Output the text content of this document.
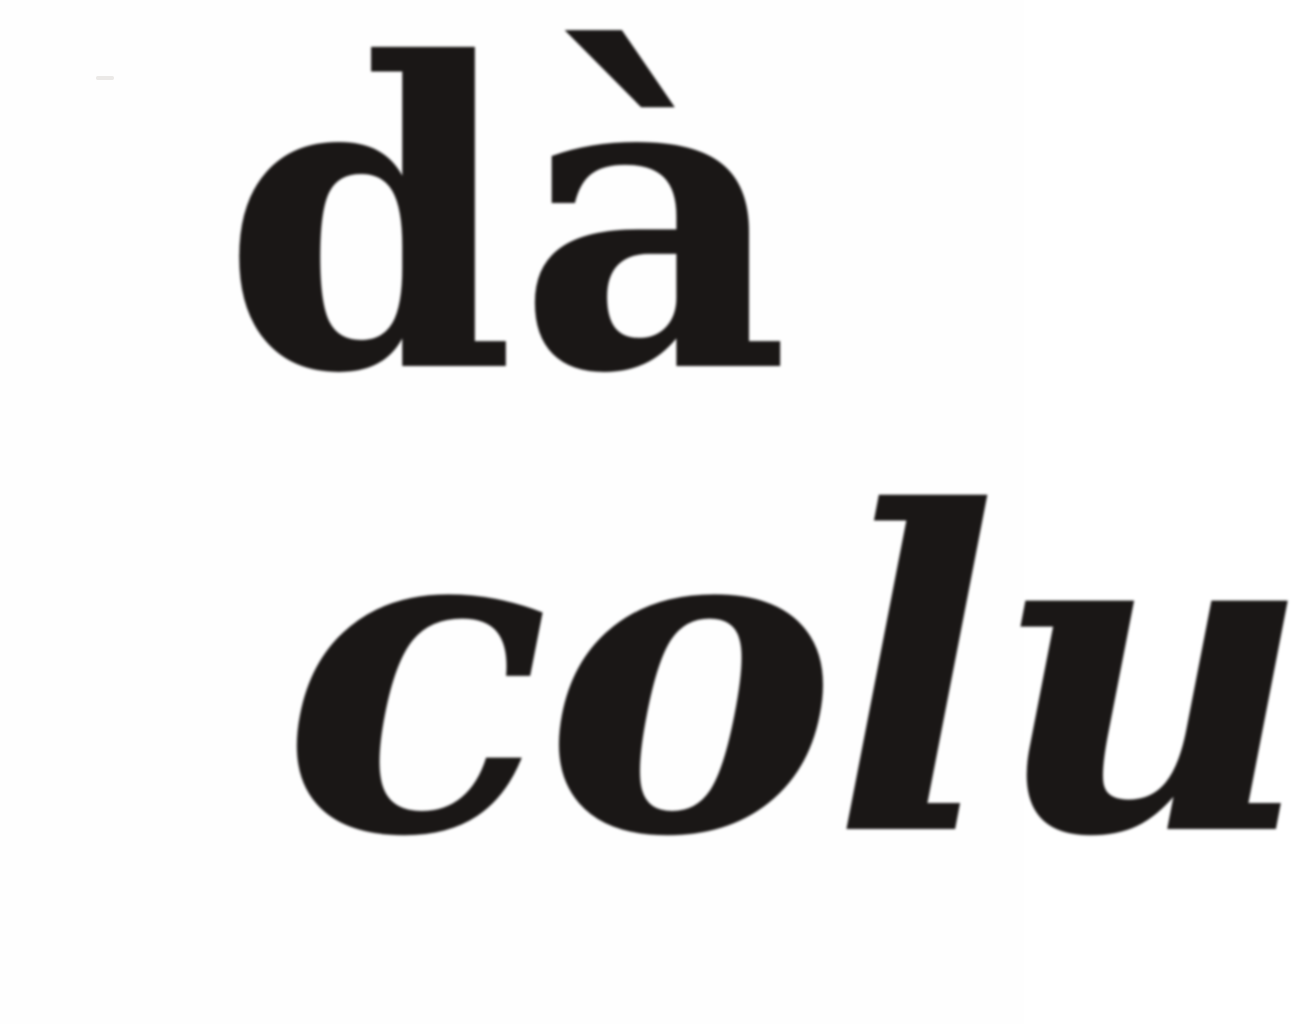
dà
colu
